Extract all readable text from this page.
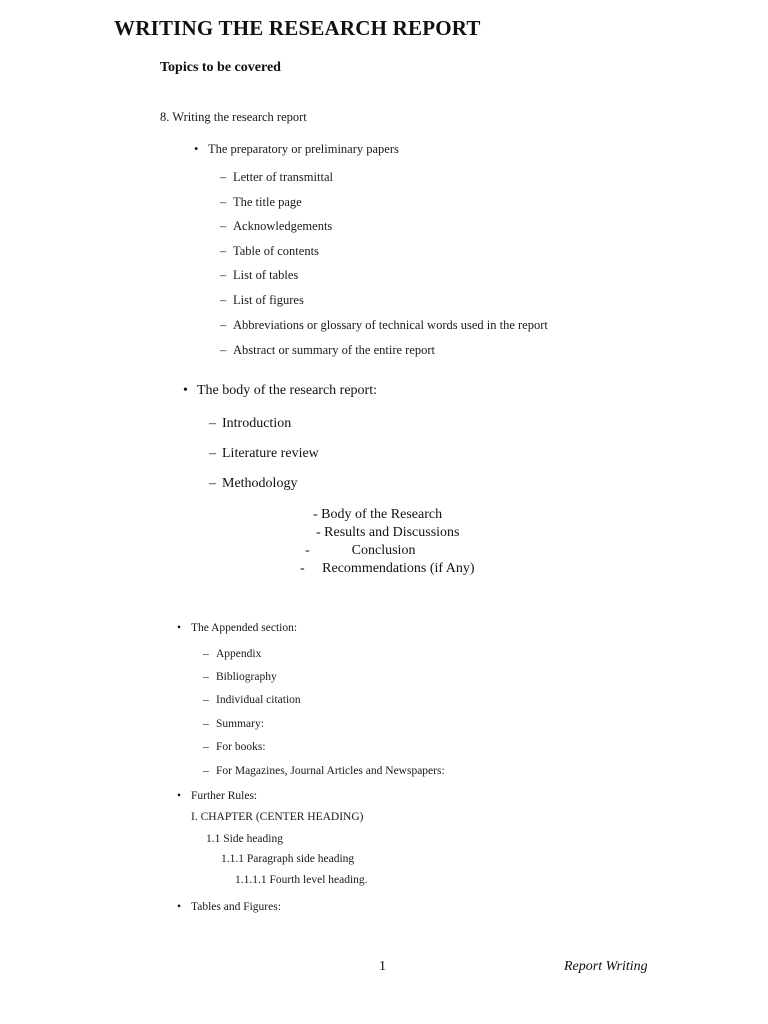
WRITING THE RESEARCH REPORT
Topics to be covered
8. Writing the research report
• The preparatory or preliminary papers
– Letter of transmittal
– The title page
– Acknowledgements
– Table of contents
– List of tables
– List of figures
– Abbreviations or glossary of technical words used in the report
– Abstract or summary of the entire report
• The body of the research report:
– Introduction
– Literature review
– Methodology
- Body of the Research
- Results and Discussions
-            Conclusion
-     Recommendations (if Any)
• The Appended section:
– Appendix
– Bibliography
– Individual citation
– Summary:
– For books:
– For Magazines, Journal Articles and Newspapers:
• Further Rules:
I. CHAPTER (CENTER HEADING)
1.1 Side heading
1.1.1 Paragraph side heading
1.1.1.1 Fourth level heading.
• Tables and Figures:
1	Report Writing
